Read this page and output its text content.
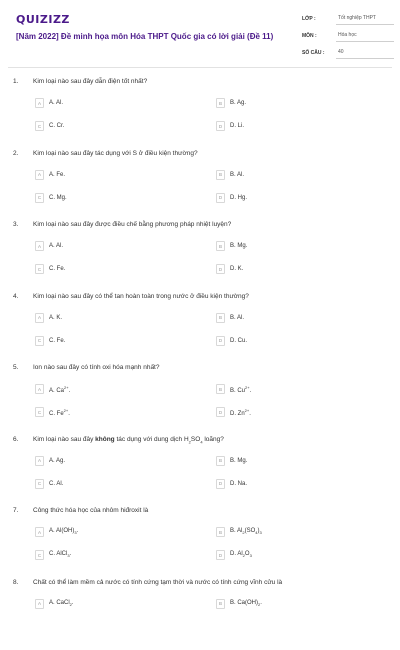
QUIZIZZ
[Năm 2022] Đề minh họa môn Hóa THPT Quốc gia có lời giải (Đề 11)
LỚP :	Tốt nghiệp THPT
MÔN :	Hóa học
SỐ CÂU :	40
1. Kim loại nào sau đây dẫn điện tốt nhất?
A	A. Al.	B	B. Ag.
C	C. Cr.	D	D. Li.
2. Kim loại nào sau đây tác dụng với S ở điều kiện thường?
A	A. Fe.	B	B. Al.
C	C. Mg.	D	D. Hg.
3. Kim loại nào sau đây được điều chế bằng phương pháp nhiệt luyện?
A	A. Al.	B	B. Mg.
C	C. Fe.	D	D. K.
4. Kim loại nào sau đây có thể tan hoàn toàn trong nước ở điều kiện thường?
A	A. K.	B	B. Al.
C	C. Fe.	D	D. Cu.
5. Ion nào sau đây có tính oxi hóa mạnh nhất?
A	A. $Ca^{2+}$.	B	B. $Cu^{2+}$.
C	C. $Fe^{2+}$.	D	D. $Zn^{2+}$.
6. Kim loại nào sau đây không tác dụng với dung dịch $H_2SO_4$ loãng?
A	A. Ag.	B	B. Mg.
C	C. Al.	D	D. Na.
7. Công thức hóa học của nhôm hiđroxit là
A	A. $Al(OH)_3$.	B	B. $Al_2(SO_4)_3$
C	C. AlCl$_3$.	D	D. $Al_2O_3$
8. Chất có thể làm mềm cả nước có tính cứng tạm thời và nước có tính cứng vĩnh cửu là
A	A. CaCl$_2$.	B	B. $Ca(OH)_2$.
